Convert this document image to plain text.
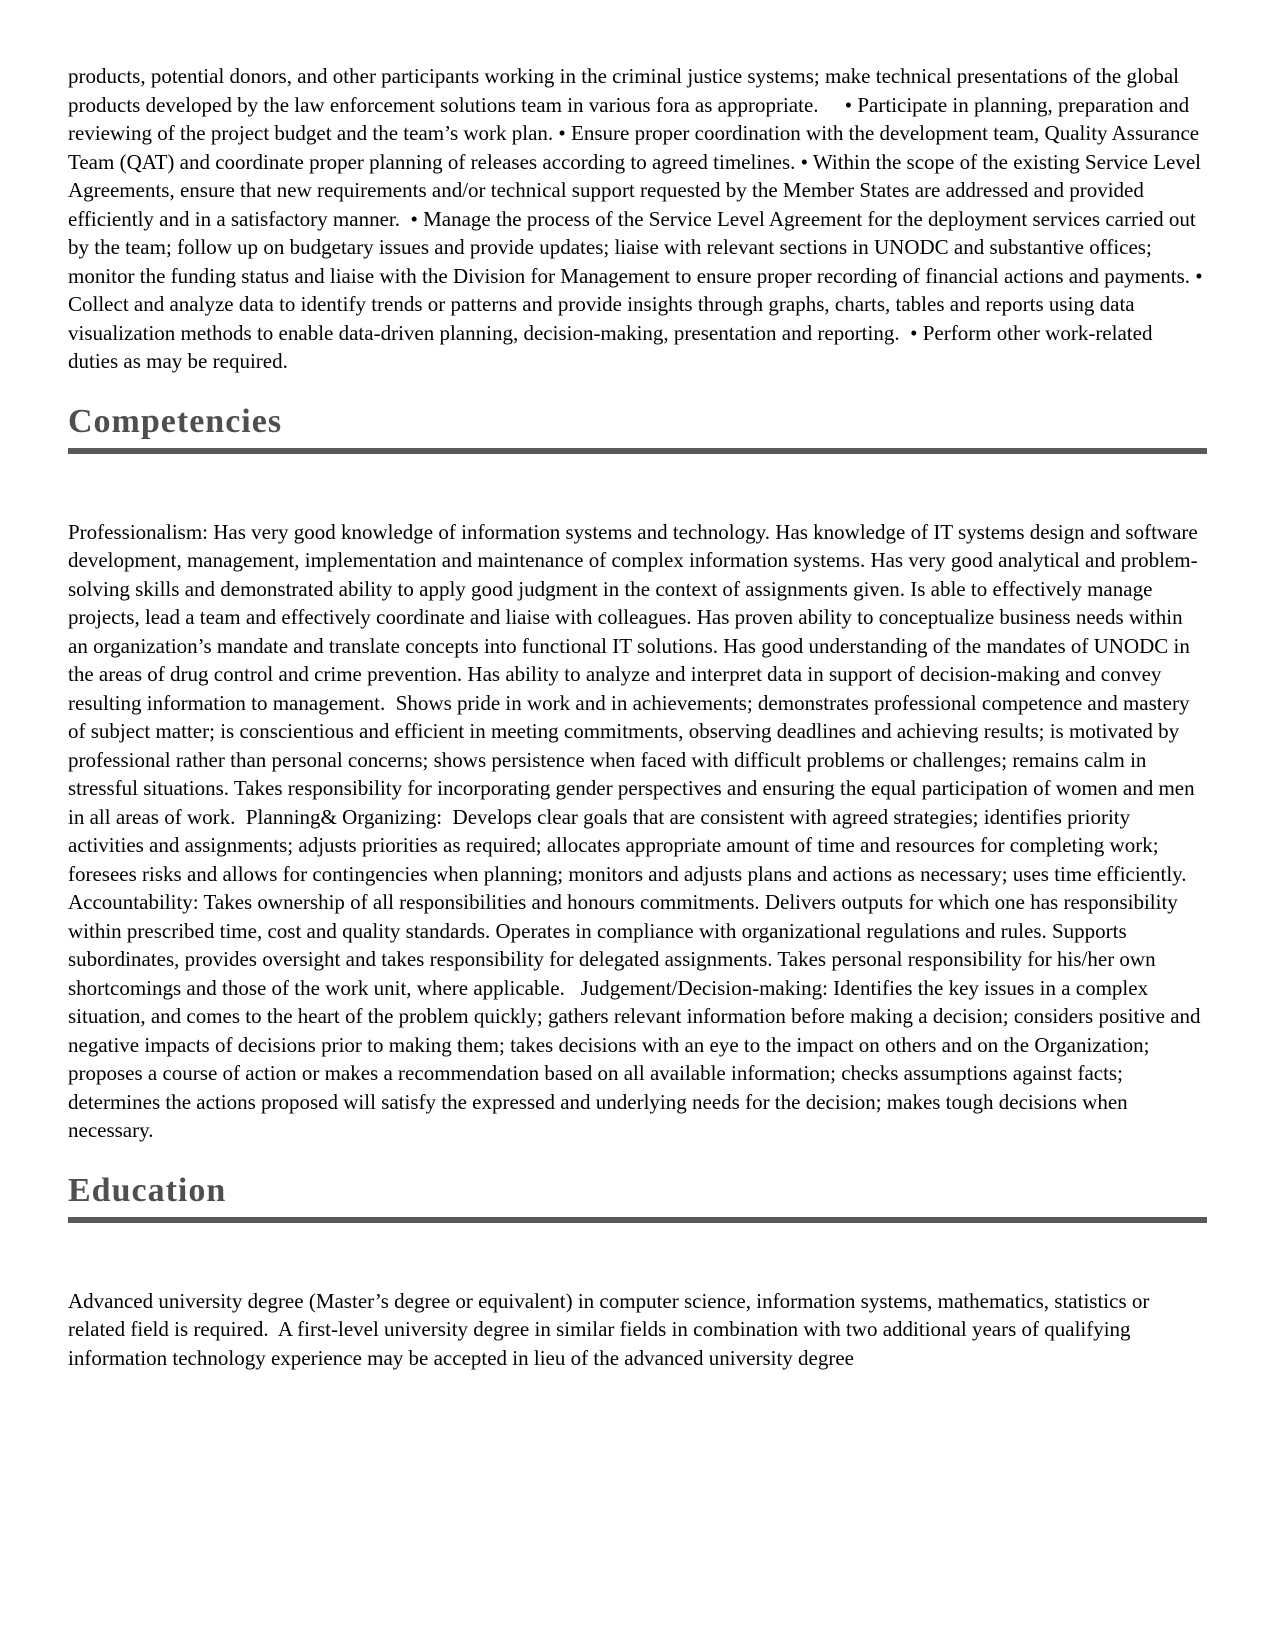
products, potential donors, and other participants working in the criminal justice systems; make technical presentations of the global products developed by the law enforcement solutions team in various fora as appropriate.     • Participate in planning, preparation and reviewing of the project budget and the team’s work plan. • Ensure proper coordination with the development team, Quality Assurance Team (QAT) and coordinate proper planning of releases according to agreed timelines. • Within the scope of the existing Service Level Agreements, ensure that new requirements and/or technical support requested by the Member States are addressed and provided efficiently and in a satisfactory manner.  • Manage the process of the Service Level Agreement for the deployment services carried out by the team; follow up on budgetary issues and provide updates; liaise with relevant sections in UNODC and substantive offices; monitor the funding status and liaise with the Division for Management to ensure proper recording of financial actions and payments. • Collect and analyze data to identify trends or patterns and provide insights through graphs, charts, tables and reports using data visualization methods to enable data-driven planning, decision-making, presentation and reporting.  • Perform other work-related duties as may be required.

Competencies

Professionalism: Has very good knowledge of information systems and technology. Has knowledge of IT systems design and software development, management, implementation and maintenance of complex information systems. Has very good analytical and problem-solving skills and demonstrated ability to apply good judgment in the context of assignments given. Is able to effectively manage projects, lead a team and effectively coordinate and liaise with colleagues. Has proven ability to conceptualize business needs within an organization’s mandate and translate concepts into functional IT solutions. Has good understanding of the mandates of UNODC in the areas of drug control and crime prevention. Has ability to analyze and interpret data in support of decision-making and convey resulting information to management.  Shows pride in work and in achievements; demonstrates professional competence and mastery of subject matter; is conscientious and efficient in meeting commitments, observing deadlines and achieving results; is motivated by professional rather than personal concerns; shows persistence when faced with difficult problems or challenges; remains calm in stressful situations. Takes responsibility for incorporating gender perspectives and ensuring the equal participation of women and men in all areas of work.  Planning& Organizing:  Develops clear goals that are consistent with agreed strategies; identifies priority activities and assignments; adjusts priorities as required; allocates appropriate amount of time and resources for completing work; foresees risks and allows for contingencies when planning; monitors and adjusts plans and actions as necessary; uses time efficiently. Accountability: Takes ownership of all responsibilities and honours commitments. Delivers outputs for which one has responsibility within prescribed time, cost and quality standards. Operates in compliance with organizational regulations and rules. Supports subordinates, provides oversight and takes responsibility for delegated assignments. Takes personal responsibility for his/her own shortcomings and those of the work unit, where applicable.   Judgement/Decision-making: Identifies the key issues in a complex situation, and comes to the heart of the problem quickly; gathers relevant information before making a decision; considers positive and negative impacts of decisions prior to making them; takes decisions with an eye to the impact on others and on the Organization; proposes a course of action or makes a recommendation based on all available information; checks assumptions against facts; determines the actions proposed will satisfy the expressed and underlying needs for the decision; makes tough decisions when necessary.

Education

Advanced university degree (Master’s degree or equivalent) in computer science, information systems, mathematics, statistics or related field is required.  A first-level university degree in similar fields in combination with two additional years of qualifying information technology experience may be accepted in lieu of the advanced university degree
